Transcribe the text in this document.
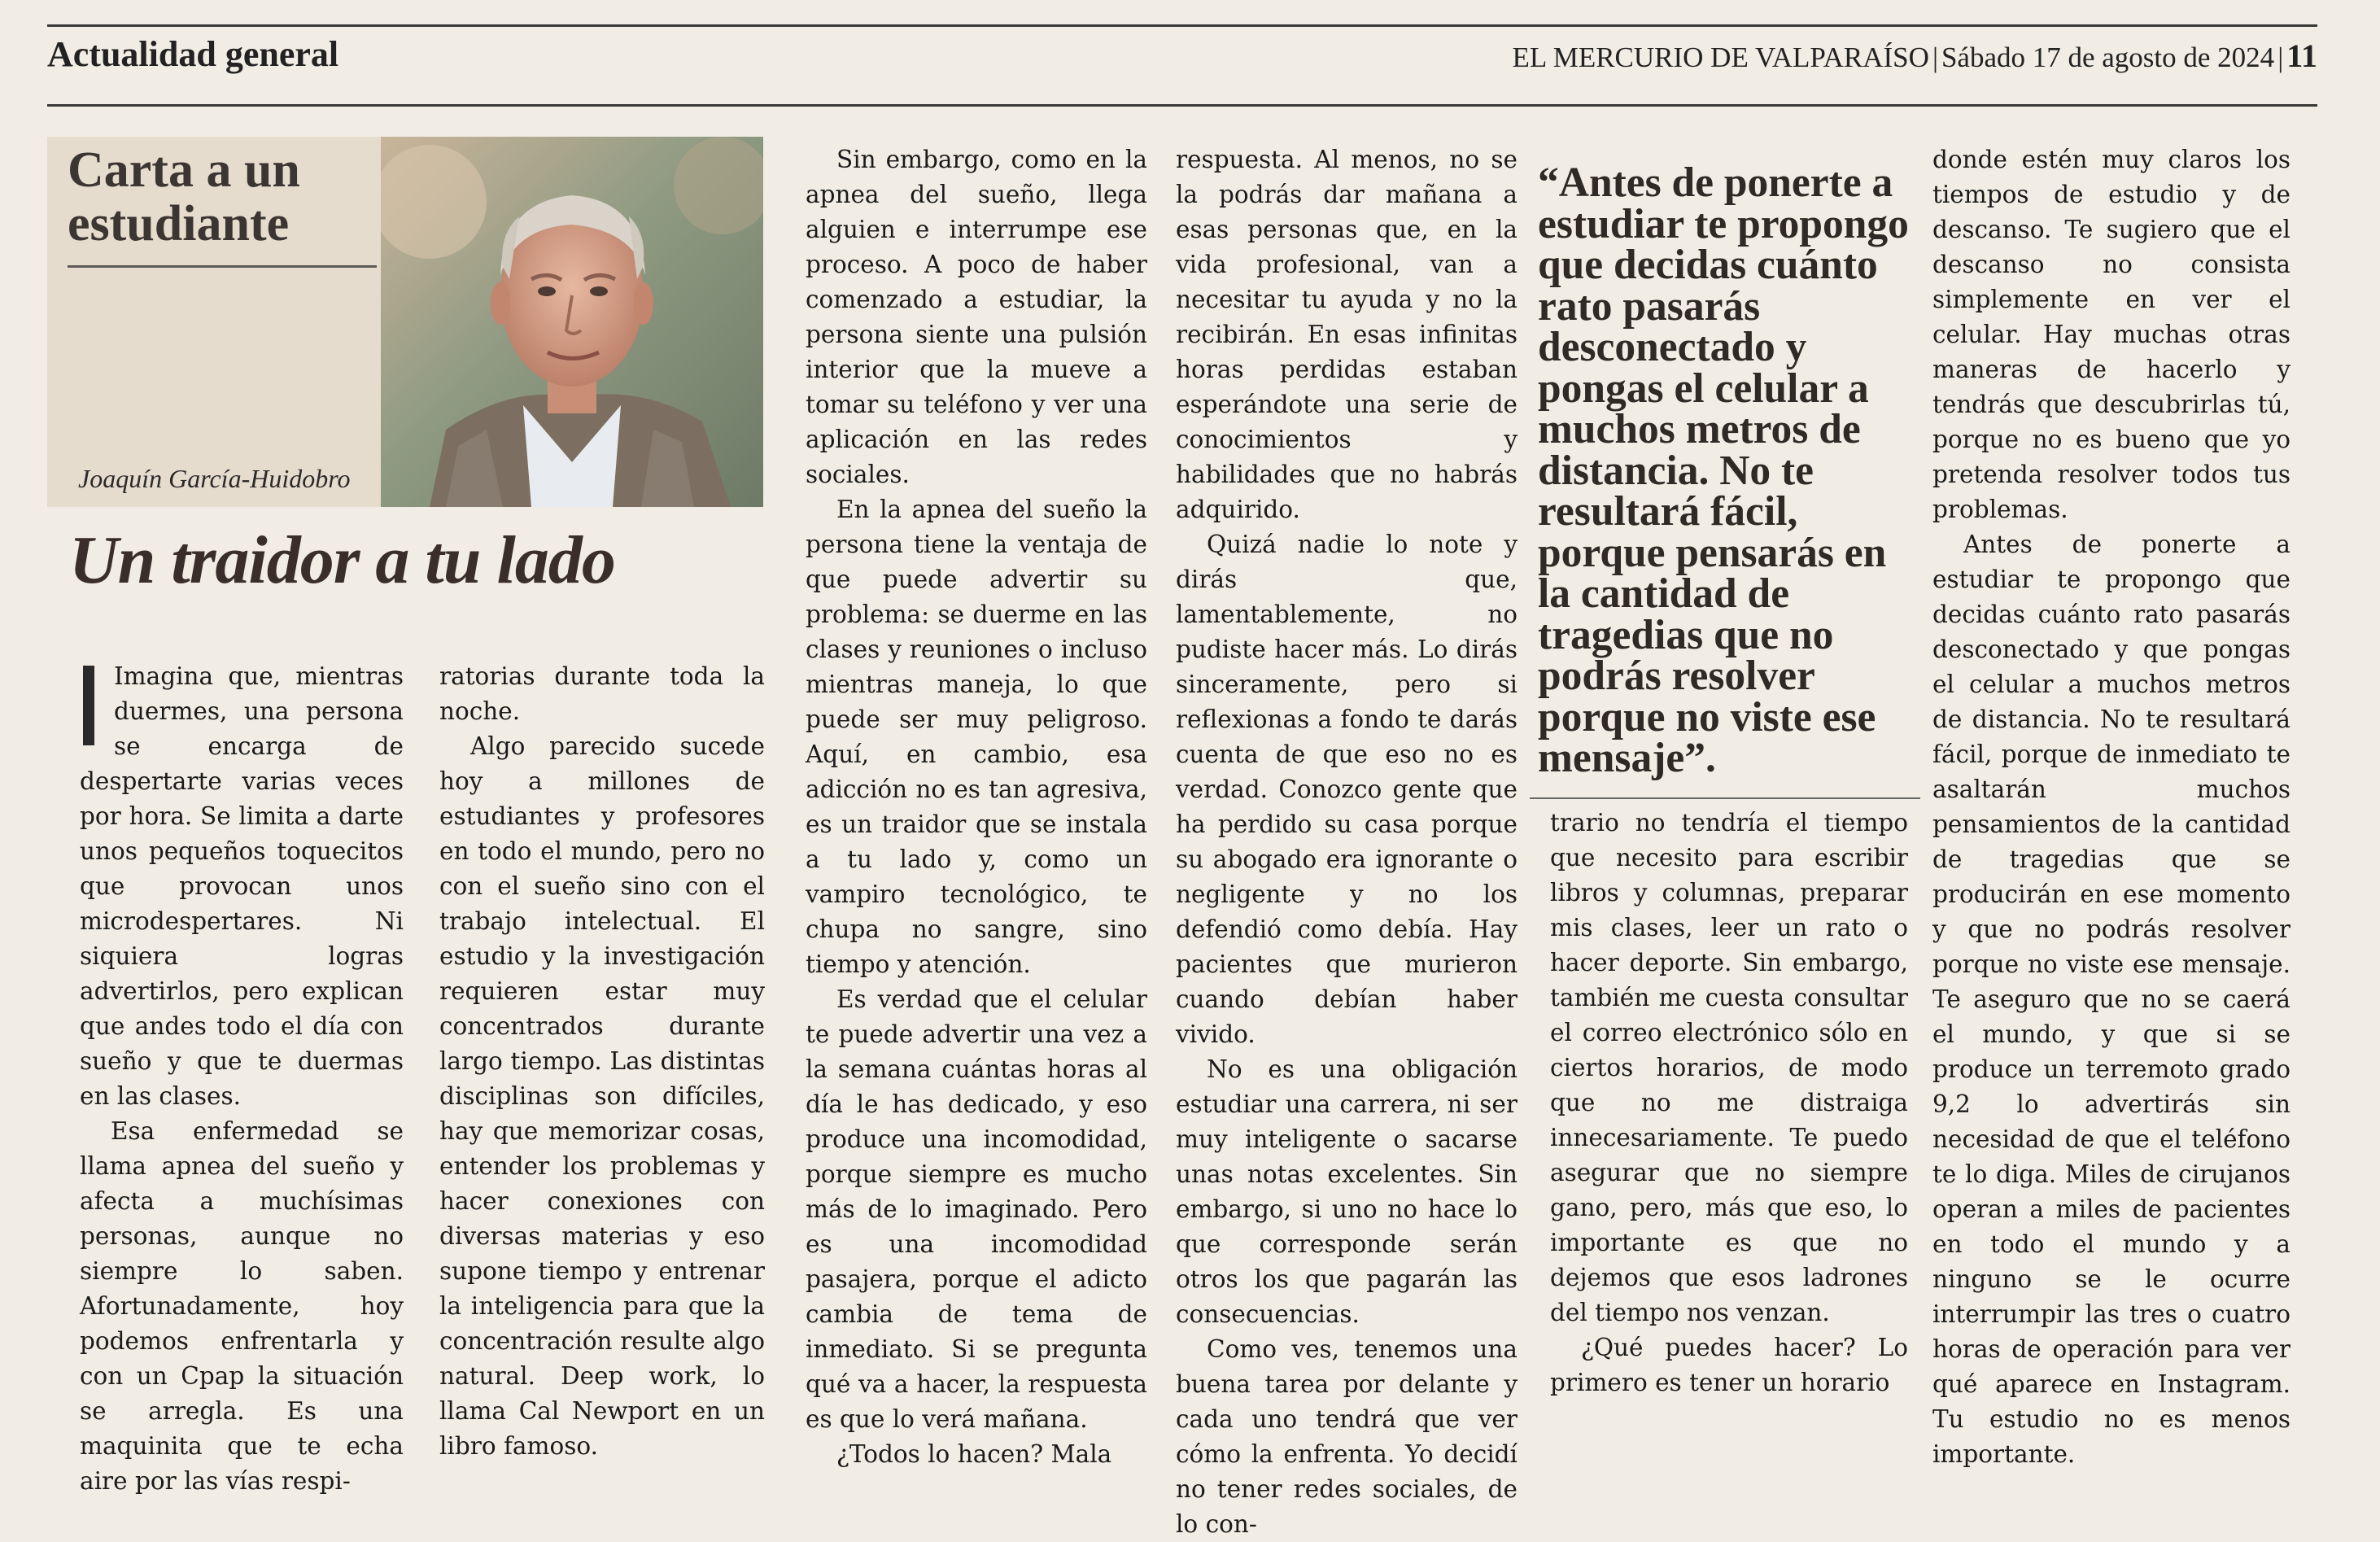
Actualidad general	EL MERCURIO DE VALPARAÍSO | Sábado 17 de agosto de 2024 | 11
Carta a un estudiante
Joaquín García-Huidobro
Un traidor a tu lado

Imagina que, mientras duermes, una persona se encarga de despertarte varias veces por hora. Se limita a darte unos pequeños toquecitos que provocan unos microdespertares. Ni siquiera logras advertirlos, pero explican que andes todo el día con sueño y que te duermas en las clases.

Esa enfermedad se llama apnea del sueño y afecta a muchísimas personas, aunque no siempre lo saben. Afortunadamente, hoy podemos enfrentarla y con un Cpap la situación se arregla. Es una maquinita que te echa aire por las vías respi-

ratorias durante toda la noche.

Algo parecido sucede hoy a millones de estudiantes y profesores en todo el mundo, pero no con el sueño sino con el trabajo intelectual. El estudio y la investigación requieren estar muy concentrados durante largo tiempo. Las distintas disciplinas son difíciles, hay que memorizar cosas, entender los problemas y hacer conexiones con diversas materias y eso supone tiempo y entrenar la inteligencia para que la concentración resulte algo natural. Deep work, lo llama Cal Newport en un libro famoso.

Sin embargo, como en la apnea del sueño, llega alguien e interrumpe ese proceso. A poco de haber comenzado a estudiar, la persona siente una pulsión interior que la mueve a tomar su teléfono y ver una aplicación en las redes sociales.

En la apnea del sueño la persona tiene la ventaja de que puede advertir su problema: se duerme en las clases y reuniones o incluso mientras maneja, lo que puede ser muy peligroso. Aquí, en cambio, esa adicción no es tan agresiva, es un traidor que se instala a tu lado y, como un vampiro tecnológico, te chupa no sangre, sino tiempo y atención.

Es verdad que el celular te puede advertir una vez a la semana cuántas horas al día le has dedicado, y eso produce una incomodidad, porque siempre es mucho más de lo imaginado. Pero es una incomodidad pasajera, porque el adicto cambia de tema de inmediato. Si se pregunta qué va a hacer, la respuesta es que lo verá mañana.

¿Todos lo hacen? Mala

respuesta. Al menos, no se la podrás dar mañana a esas personas que, en la vida profesional, van a necesitar tu ayuda y no la recibirán. En esas infinitas horas perdidas estaban esperándote una serie de conocimientos y habilidades que no habrás adquirido.

Quizá nadie lo note y dirás que, lamentablemente, no pudiste hacer más. Lo dirás sinceramente, pero si reflexionas a fondo te darás cuenta de que eso no es verdad. Conozco gente que ha perdido su casa porque su abogado era ignorante o negligente y no los defendió como debía. Hay pacientes que murieron cuando debían haber vivido.

No es una obligación estudiar una carrera, ni ser muy inteligente o sacarse unas notas excelentes. Sin embargo, si uno no hace lo que corresponde serán otros los que pagarán las consecuencias.

Como ves, tenemos una buena tarea por delante y cada uno tendrá que ver cómo la enfrenta. Yo decidí no tener redes sociales, de lo con-

“Antes de ponerte a estudiar te propongo que decidas cuánto rato pasarás desconectado y pongas el celular a muchos metros de distancia. No te resultará fácil, porque pensarás en la cantidad de tragedias que no podrás resolver porque no viste ese mensaje”.

trario no tendría el tiempo que necesito para escribir libros y columnas, preparar mis clases, leer un rato o hacer deporte. Sin embargo, también me cuesta consultar el correo electrónico sólo en ciertos horarios, de modo que no me distraiga innecesariamente. Te puedo asegurar que no siempre gano, pero, más que eso, lo importante es que no dejemos que esos ladrones del tiempo nos venzan.

¿Qué puedes hacer? Lo primero es tener un horario

donde estén muy claros los tiempos de estudio y de descanso. Te sugiero que el descanso no consista simplemente en ver el celular. Hay muchas otras maneras de hacerlo y tendrás que descubrirlas tú, porque no es bueno que yo pretenda resolver todos tus problemas.

Antes de ponerte a estudiar te propongo que decidas cuánto rato pasarás desconectado y que pongas el celular a muchos metros de distancia. No te resultará fácil, porque de inmediato te asaltarán muchos pensamientos de la cantidad de tragedias que se producirán en ese momento y que no podrás resolver porque no viste ese mensaje. Te aseguro que no se caerá el mundo, y que si se produce un terremoto grado 9,2 lo advertirás sin necesidad de que el teléfono te lo diga. Miles de cirujanos operan a miles de pacientes en todo el mundo y a ninguno se le ocurre interrumpir las tres o cuatro horas de operación para ver qué aparece en Instagram. Tu estudio no es menos importante.
